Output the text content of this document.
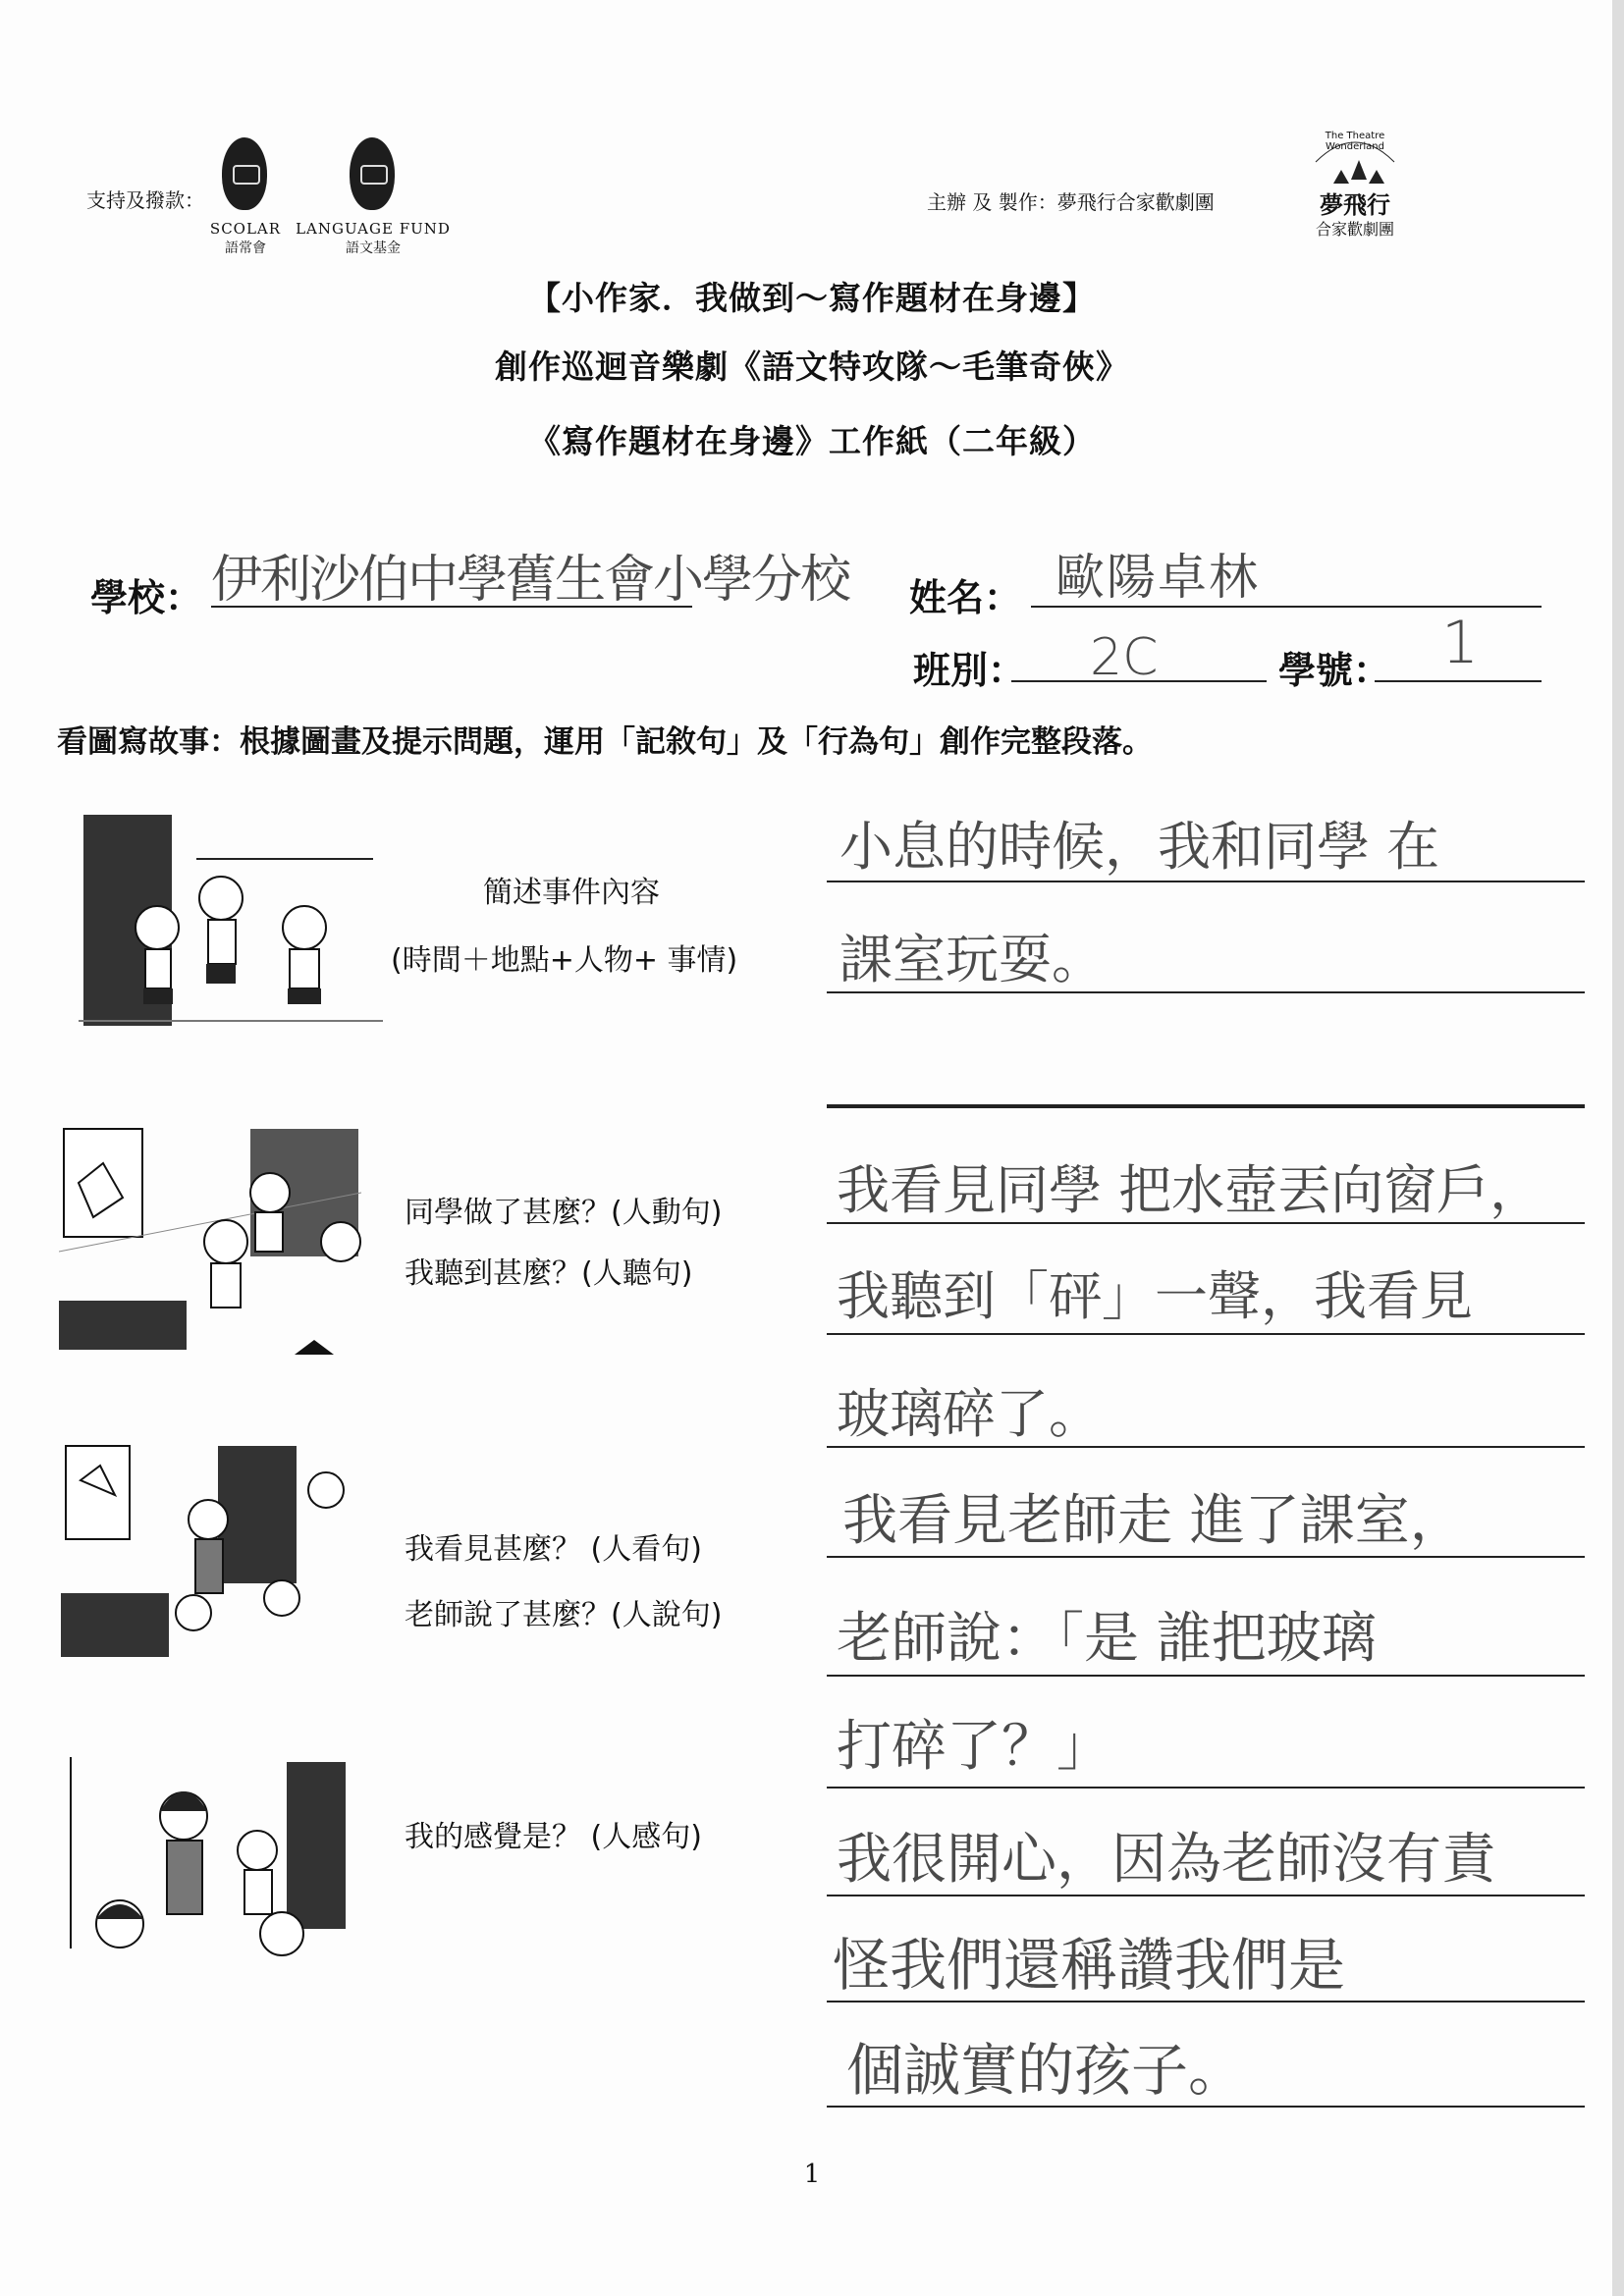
支持及撥款：
SCOLAR
語常會
LANGUAGE FUND
語文基金
主辦 及 製作：夢飛行合家歡劇團
The Theatre Wonderland
夢飛行
合家歡劇團
【小作家．我做到～寫作題材在身邊】
創作巡迴音樂劇《語文特攻隊～毛筆奇俠》
《寫作題材在身邊》工作紙（二年級）
學校： 伊利沙伯中學舊生會小學分校 姓名： 歐陽卓林
班別： 2C	學號： 1
看圖寫故事：根據圖畫及提示問題，運用「記敘句」及「行為句」創作完整段落。
簡述事件內容
(時間＋地點+人物+ 事情)
小息的時候，我和同學 在
課室玩耍。
同學做了甚麼？(人動句)
我聽到甚麼？(人聽句)
我看見同學 把水壺丟向窗戶，
我聽到「砰」一聲，我看見
玻璃碎了。
我看見甚麼？ (人看句)
老師說了甚麼？(人說句)
我看見老師走 進了課室，
老師說：「是 誰把玻璃
打碎了？」
我的感覺是？ (人感句) 我很開心，因為老師沒有責
怪我們還稱讚我們是
個誠實的孩子。
1
